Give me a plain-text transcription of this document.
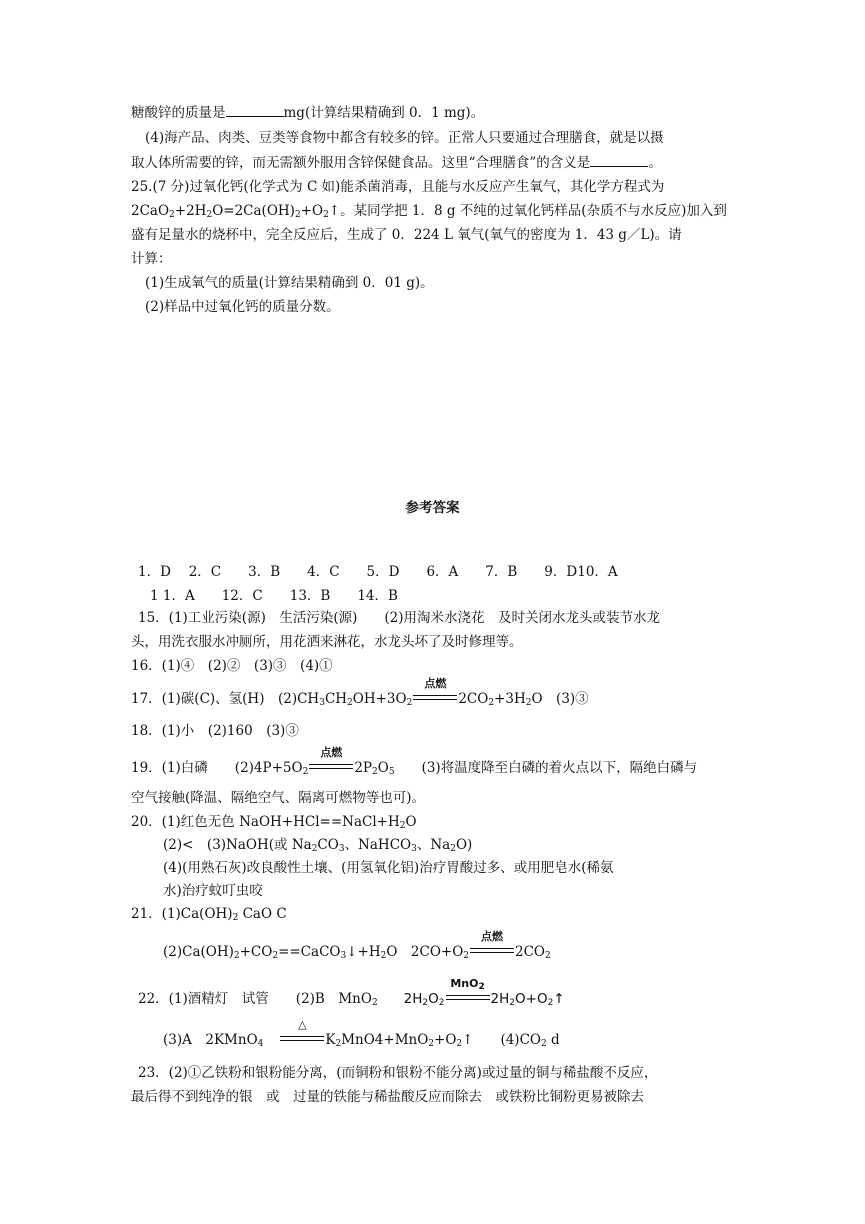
糖酸锌的质量是	mg(计算结果精确到 0．1 mg)。
(4)海产品、肉类、豆类等食物中都含有较多的锌。正常人只要通过合理膳食，就是以摄
取人体所需要的锌，而无需额外服用含锌保健食品。这里“合理膳食”的含义是	。
25.(7 分)过氧化钙(化学式为 C 如)能杀菌消毒，且能与水反应产生氧气，其化学方程式为
$2CaO_2+2H_2O=2Ca(OH)_2+O_2↑$。某同学把 1．8 g 不纯的过氧化钙样品(杂质不与水反应)加入到
盛有足量水的烧杯中，完全反应后，生成了 0．224 L 氧气(氧气的密度为 1．43 g／L)。请
计算：
(1)生成氧气的质量(计算结果精确到 0．01 g)。
(2)样品中过氧化钙的质量分数。
参考答案
1．D　 2．C　　3．B　　4．C　　5．D　　6．A　　7．B　　9．D10．A
1 1．A　　12．C　　13．B　　14．B
15．(1)工业污染(源)　生活污染(源)　　(2)用淘米水浇花　及时关闭水龙头或装节水龙
头，用洗衣服水冲厕所，用花洒来淋花，水龙头坏了及时修理等。
16．(1)④　(2)②　(3)③　(4)①
17．(1)碳(C)、氢(H)　$(2)CH_3CH_2OH+3O_2$
点燃
$2CO_2+3H_2O$　(3)③
18．(1)小　(2)160　(3)③
19．(1)白磷　　$(2)4P+5O_2$
点燃
$2P_2O_5$　　(3)将温度降至白磷的着火点以下，隔绝白磷与
空气接触(降温、隔绝空气、隔离可燃物等也可)。
20．(1)红色无色 $NaOH+HCl==NaCl+H_2O$
(2)<　(3)NaOH(或 $Na_2CO_3$、NaHCO$_3$、$Na_2O$)
(4)(用熟石灰)改良酸性土壤、(用氢氧化铝)治疗胃酸过多、或用肥皂水(稀氨
水)治疗蚊叮虫咬
21．$(1)Ca(OH)_2$ CaO C
$(2)Ca(OH)_2+CO_2==CaCO_3↓+H_2O$　$2CO+O_2$
点燃
$2CO_2$
22．(1)酒精灯　试管　　(2)B　MnO$_2$ $2H_2O_2$
MnO$_2$
$2H_2O+O_2↑$
(3)A　2KMnO$_4$
△
$K_2MnO4+MnO_2+O_2↑$　　$(4)CO_2$ d
23．(2)①乙铁粉和银粉能分离，(而铜粉和银粉不能分离)或过量的铜与稀盐酸不反应，
最后得不到纯净的银　或　过量的铁能与稀盐酸反应而除去　或铁粉比铜粉更易被除去
